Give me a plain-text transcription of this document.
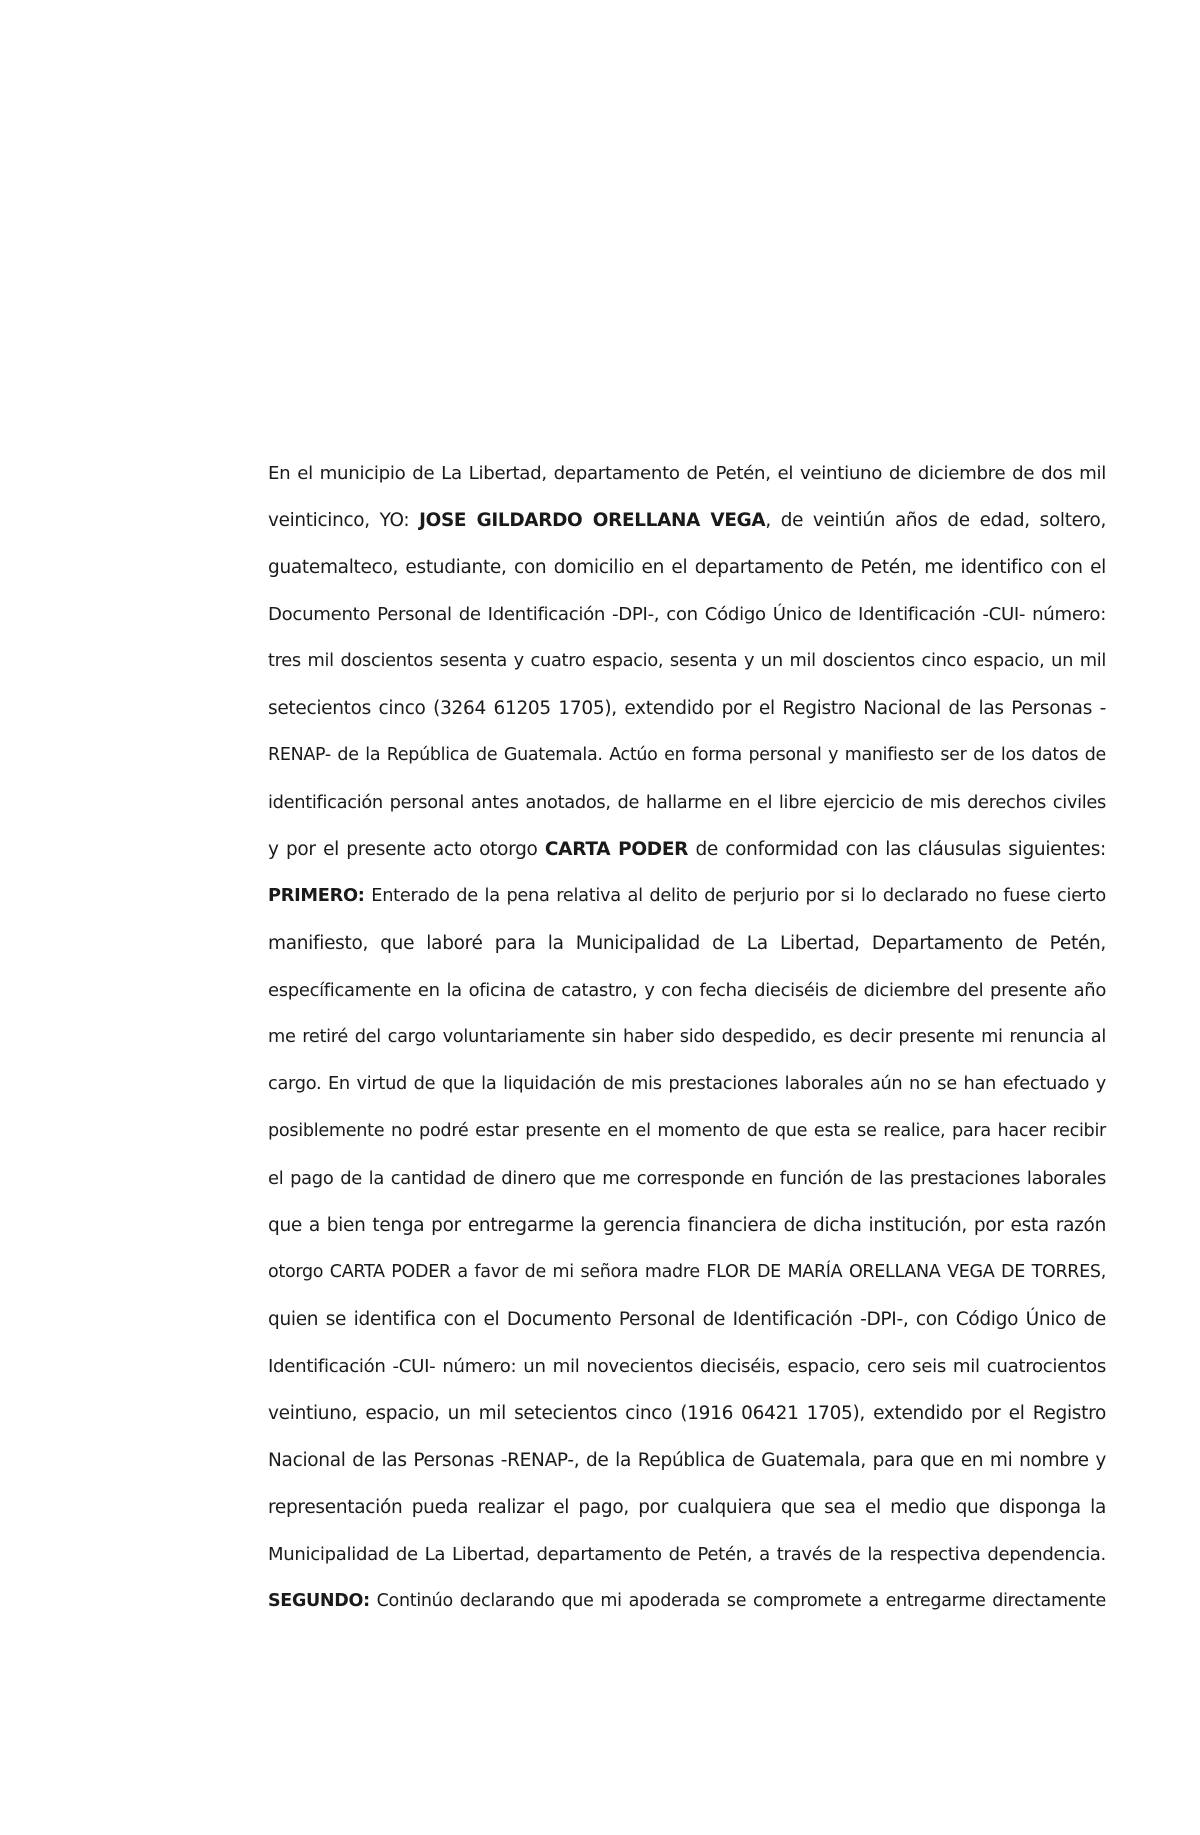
En el municipio de La Libertad, departamento de Petén, el veintiuno de diciembre de dos mil
veinticinco, YO: JOSE GILDARDO ORELLANA VEGA, de veintiún años de edad, soltero,
guatemalteco, estudiante, con domicilio en el departamento de Petén, me identifico con el
Documento Personal de Identificación -DPI-, con Código Único de Identificación -CUI- número:
tres mil doscientos sesenta y cuatro espacio, sesenta y un mil doscientos cinco espacio, un mil
setecientos cinco (3264 61205 1705), extendido por el Registro Nacional de las Personas -
RENAP- de la República de Guatemala. Actúo en forma personal y manifiesto ser de los datos de
identificación personal antes anotados, de hallarme en el libre ejercicio de mis derechos civiles
y por el presente acto otorgo CARTA PODER de conformidad con las cláusulas siguientes:
PRIMERO: Enterado de la pena relativa al delito de perjurio por si lo declarado no fuese cierto
manifiesto, que laboré para la Municipalidad de La Libertad, Departamento de Petén,
específicamente en la oficina de catastro, y con fecha dieciséis de diciembre del presente año
me retiré del cargo voluntariamente sin haber sido despedido, es decir presente mi renuncia al
cargo. En virtud de que la liquidación de mis prestaciones laborales aún no se han efectuado y
posiblemente no podré estar presente en el momento de que esta se realice, para hacer recibir
el pago de la cantidad de dinero que me corresponde en función de las prestaciones laborales
que a bien tenga por entregarme la gerencia financiera de dicha institución, por esta razón
otorgo CARTA PODER a favor de mi señora madre FLOR DE MARÍA ORELLANA VEGA DE TORRES,
quien se identifica con el Documento Personal de Identificación -DPI-, con Código Único de
Identificación -CUI- número: un mil novecientos dieciséis, espacio, cero seis mil cuatrocientos
veintiuno, espacio, un mil setecientos cinco (1916 06421 1705), extendido por el Registro
Nacional de las Personas -RENAP-, de la República de Guatemala, para que en mi nombre y
representación pueda realizar el pago, por cualquiera que sea el medio que disponga la
Municipalidad de La Libertad, departamento de Petén, a través de la respectiva dependencia.
SEGUNDO: Continúo declarando que mi apoderada se compromete a entregarme directamente
